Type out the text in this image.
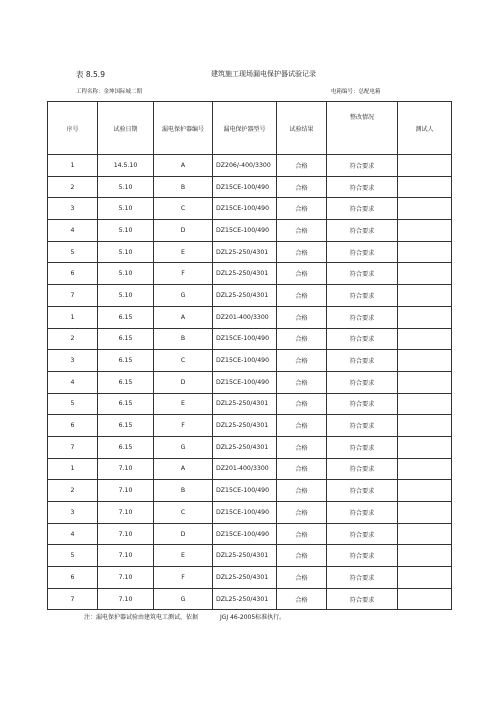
表 8.5.9	建筑施工现场漏电保护器试验记录
工程名称：金坤国际城二期	电箱编号：总配电箱
序号	试验日期	漏电保护器编号	漏电保护器型号	试验结果	整改情况	测试人
1	14.5.10	A	DZ206/-400/3300	合格	符合要求	
2	5.10	B	DZ15CE-100/490	合格	符合要求	
3	5.10	C	DZ15CE-100/490	合格	符合要求	
4	5.10	D	DZ15CE-100/490	合格	符合要求	
5	5.10	E	DZL25-250/4301	合格	符合要求	
6	5.10	F	DZL25-250/4301	合格	符合要求	
7	5.10	G	DZL25-250/4301	合格	符合要求	
1	6.15	A	DZ201-400/3300	合格	符合要求	
2	6.15	B	DZ15CE-100/490	合格	符合要求	
3	6.15	C	DZ15CE-100/490	合格	符合要求	
4	6.15	D	DZ15CE-100/490	合格	符合要求	
5	6.15	E	DZL25-250/4301	合格	符合要求	
6	6.15	F	DZL25-250/4301	合格	符合要求	
7	6.15	G	DZL25-250/4301	合格	符合要求	
1	7.10	A	DZ201-400/3300	合格	符合要求	
2	7.10	B	DZ15CE-100/490	合格	符合要求	
3	7.10	C	DZ15CE-100/490	合格	符合要求	
4	7.10	D	DZ15CE-100/490	合格	符合要求	
5	7.10	E	DZL25-250/4301	合格	符合要求	
6	7.10	F	DZL25-250/4301	合格	符合要求	
7	7.10	G	DZL25-250/4301	合格	符合要求	
注：漏电保护器试验由建筑电工测试，依据	JGJ 46-2005标准执行。
